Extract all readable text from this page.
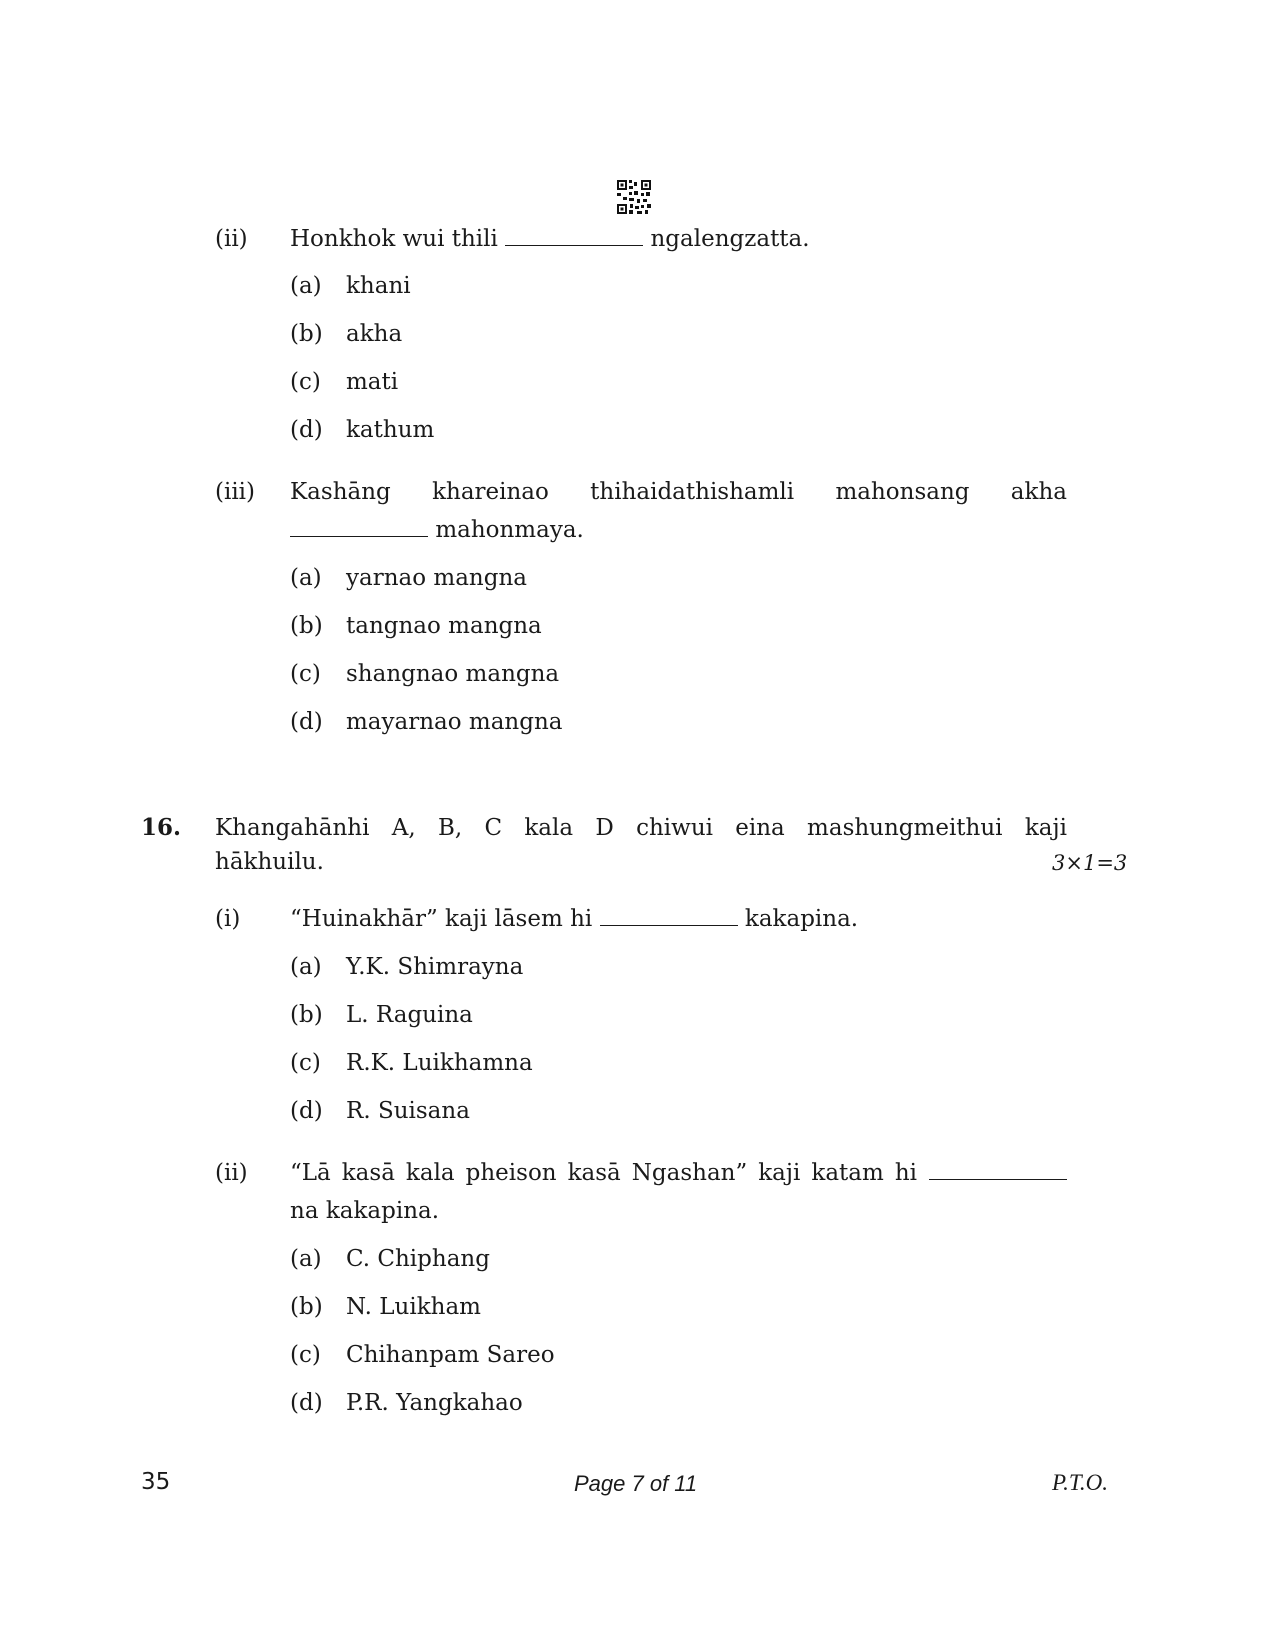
(ii) Honkhok wui thili	ngalengzatta.
(a) khani
(b) akha
(c) mati
(d) kathum
(iii) Kashāng khareinao thihaidathishamli mahonsang akha
mahonmaya.
(a) yarnao mangna
(b) tangnao mangna
(c) shangnao mangna
(d) mayarnao mangna
16. Khangahānhi A, B, C kala D chiwui eina mashungmeithui kaji
hākhuilu.	3×1=3
(i) “Huinakhār” kaji lāsem hi	kakapina.
(a) Y.K. Shimrayna
(b) L. Raguina
(c) R.K. Luikhamna
(d) R. Suisana
(ii) “Lā kasā kala pheison kasā Ngashan” kaji katam hi
na kakapina.
(a) C. Chiphang
(b) N. Luikham
(c) Chihanpam Sareo
(d) P.R. Yangkahao
35	Page 7 of 11	P.T.O.
